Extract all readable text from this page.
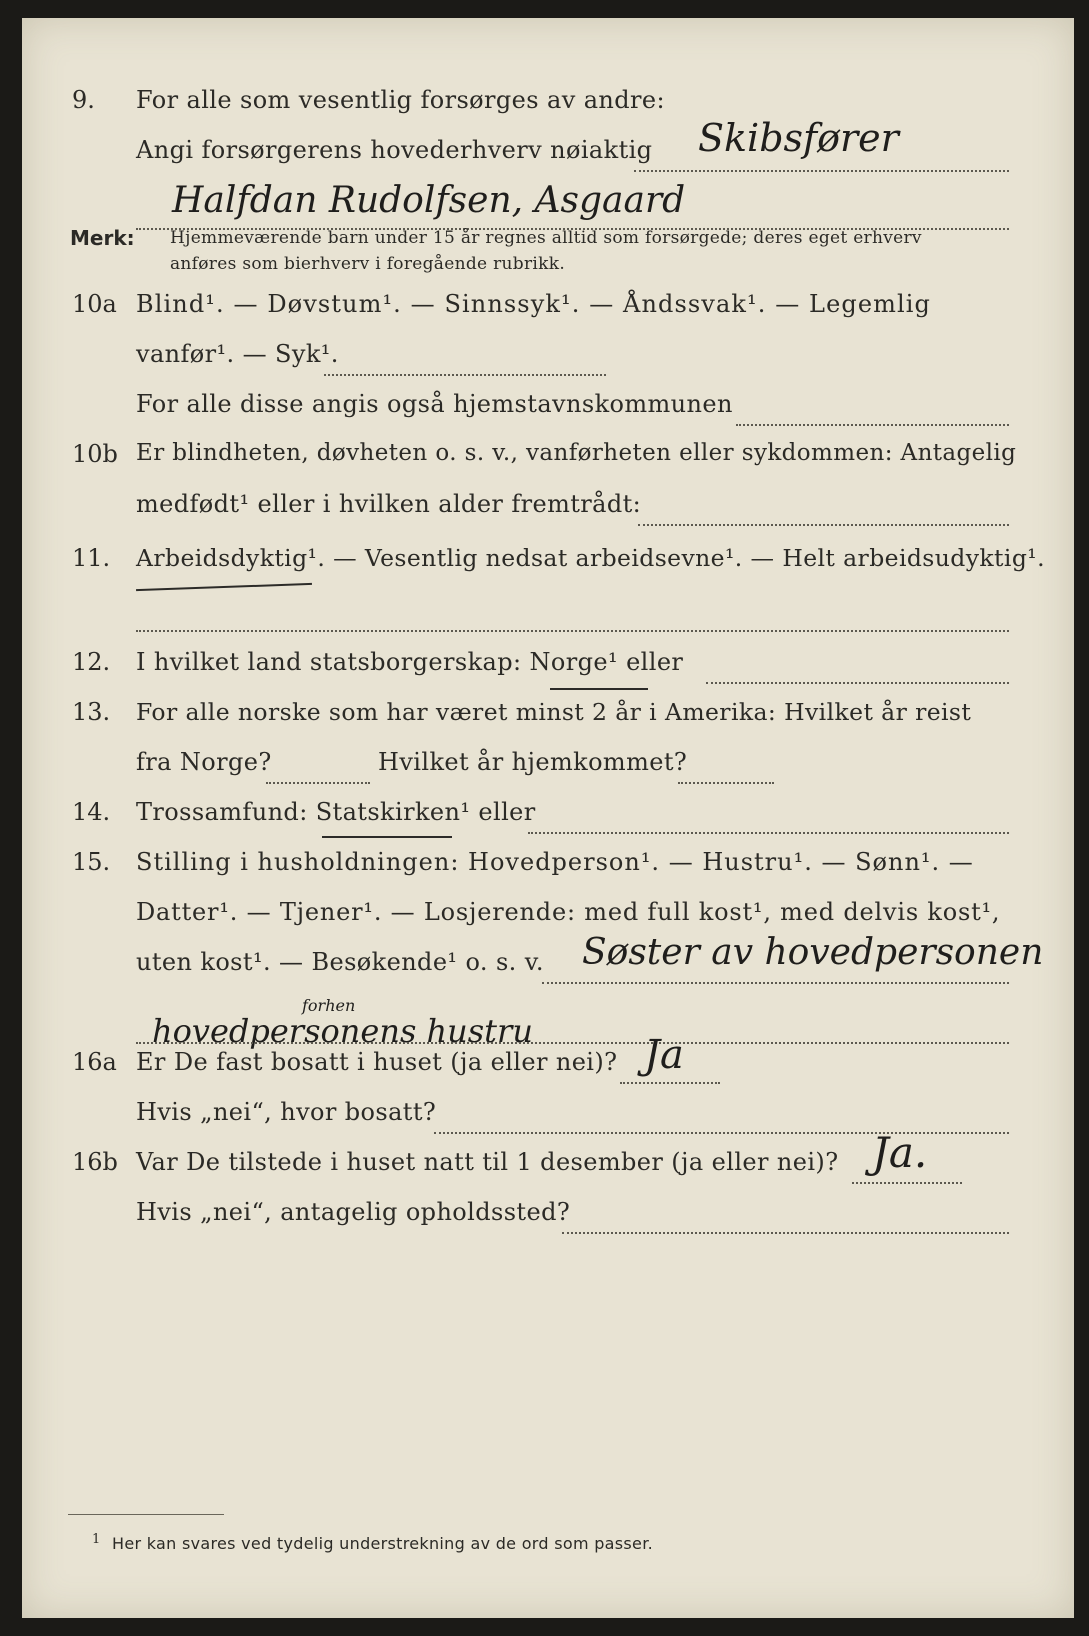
9. For alle som vesentlig forsørges av andre:
Skibsfører
Angi forsørgerens hovederhverv nøiaktig
Halfdan Rudolfsen, Asgaard
Merk: Hjemmeværende barn under 15 år regnes alltid som forsørgede; deres eget erhverv
anføres som bierhverv i foregående rubrikk.
10a Blind¹. — Døvstum¹. — Sinnssyk¹. — Åndssvak¹. — Legemlig
vanfør¹. — Syk¹.
For alle disse angis også hjemstavnskommunen
10b Er blindheten, døvheten o. s. v., vanførheten eller sykdommen: Antagelig
medfødt¹ eller i hvilken alder fremtrådt:
11. Arbeidsdyktig¹. — Vesentlig nedsat arbeidsevne¹. — Helt arbeidsudyktig¹.
12. I hvilket land statsborgerskap: Norge¹ eller
13. For alle norske som har været minst 2 år i Amerika: Hvilket år reist
fra Norge?	Hvilket år hjemkommet?
14. Trossamfund: Statskirken¹ eller
15. Stilling i husholdningen: Hovedperson¹. — Hustru¹. — Sønn¹. —
Datter¹. — Tjener¹. — Losjerende: med full kost¹, med delvis kost¹,
uten kost¹. — Besøkende¹ o. s. v. Søster av hovedpersonen
forhen
hovedpersonens hustru
16a Er De fast bosatt i huset (ja eller nei)? Ja
Hvis „nei“, hvor bosatt?
16b Var De tilstede i huset natt til 1 desember (ja eller nei)? Ja.
Hvis „nei“, antagelig opholdssted?
1 Her kan svares ved tydelig understrekning av de ord som passer.
